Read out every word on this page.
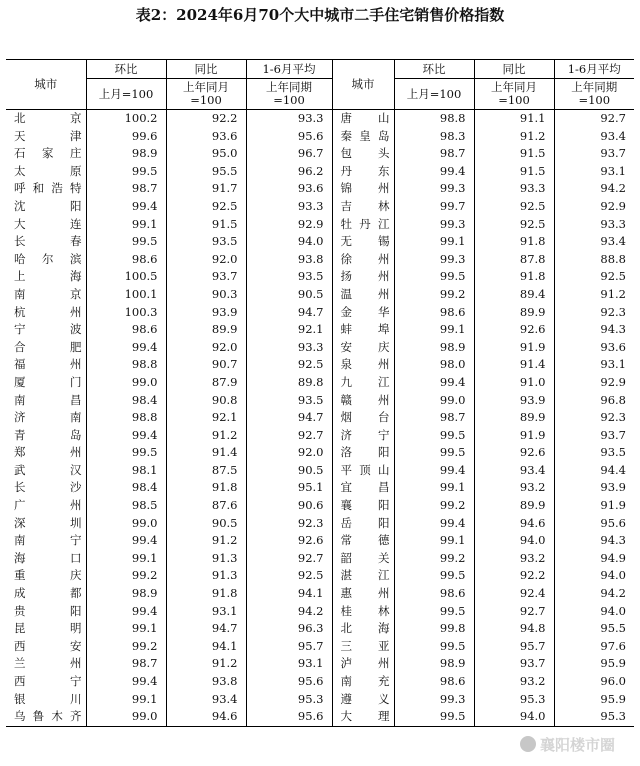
表2：2024年6月70个大中城市二手住宅销售价格指数
城市	环比	同比	1-6月平均	城市	环比	同比	1-6月平均
	上月=100	上年同月=100	上年同期=100		上月=100	上年同月=100	上年同期=100
北京	100.2	92.2	93.3	唐山	98.8	91.1	92.7
天津	99.6	93.6	95.6	秦皇岛	98.3	91.2	93.4
石家庄	98.9	95.0	96.7	包头	98.7	91.5	93.7
太原	99.5	95.5	96.2	丹东	99.4	91.5	93.1
呼和浩特	98.7	91.7	93.6	锦州	99.3	93.3	94.2
沈阳	99.4	92.5	93.3	吉林	99.7	92.5	92.9
大连	99.1	91.5	92.9	牡丹江	99.3	92.5	93.3
长春	99.5	93.5	94.0	无锡	99.1	91.8	93.4
哈尔滨	98.6	92.0	93.8	徐州	99.3	87.8	88.8
上海	100.5	93.7	93.5	扬州	99.5	91.8	92.5
南京	100.1	90.3	90.5	温州	99.2	89.4	91.2
杭州	100.3	93.9	94.7	金华	98.6	89.9	92.3
宁波	98.6	89.9	92.1	蚌埠	99.1	92.6	94.3
合肥	99.4	92.0	93.3	安庆	98.9	91.9	93.6
福州	98.8	90.7	92.5	泉州	98.0	91.4	93.1
厦门	99.0	87.9	89.8	九江	99.4	91.0	92.9
南昌	98.4	90.8	93.5	赣州	99.0	93.9	96.8
济南	98.8	92.1	94.7	烟台	98.7	89.9	92.3
青岛	99.4	91.2	92.7	济宁	99.5	91.9	93.7
郑州	99.5	91.4	92.0	洛阳	99.5	92.6	93.5
武汉	98.1	87.5	90.5	平顶山	99.4	93.4	94.4
长沙	98.4	91.8	95.1	宜昌	99.1	93.2	93.9
广州	98.5	87.6	90.6	襄阳	99.2	89.9	91.9
深圳	99.0	90.5	92.3	岳阳	99.4	94.6	95.6
南宁	99.4	91.2	92.6	常德	99.1	94.0	94.3
海口	99.1	91.3	92.7	韶关	99.2	93.2	94.9
重庆	99.2	91.3	92.5	湛江	99.5	92.2	94.0
成都	98.9	91.8	94.1	惠州	98.6	92.4	94.2
贵阳	99.4	93.1	94.2	桂林	99.5	92.7	94.0
昆明	99.1	94.7	96.3	北海	99.8	94.8	95.5
西安	99.2	94.1	95.7	三亚	99.5	95.7	97.6
兰州	98.7	91.2	93.1	泸州	98.9	93.7	95.9
西宁	99.4	93.8	95.6	南充	98.6	93.2	96.0
银川	99.1	93.4	95.3	遵义	99.3	95.3	95.9
乌鲁木齐	99.0	94.6	95.6	大理	99.5	94.0	95.3
襄阳楼市圈
